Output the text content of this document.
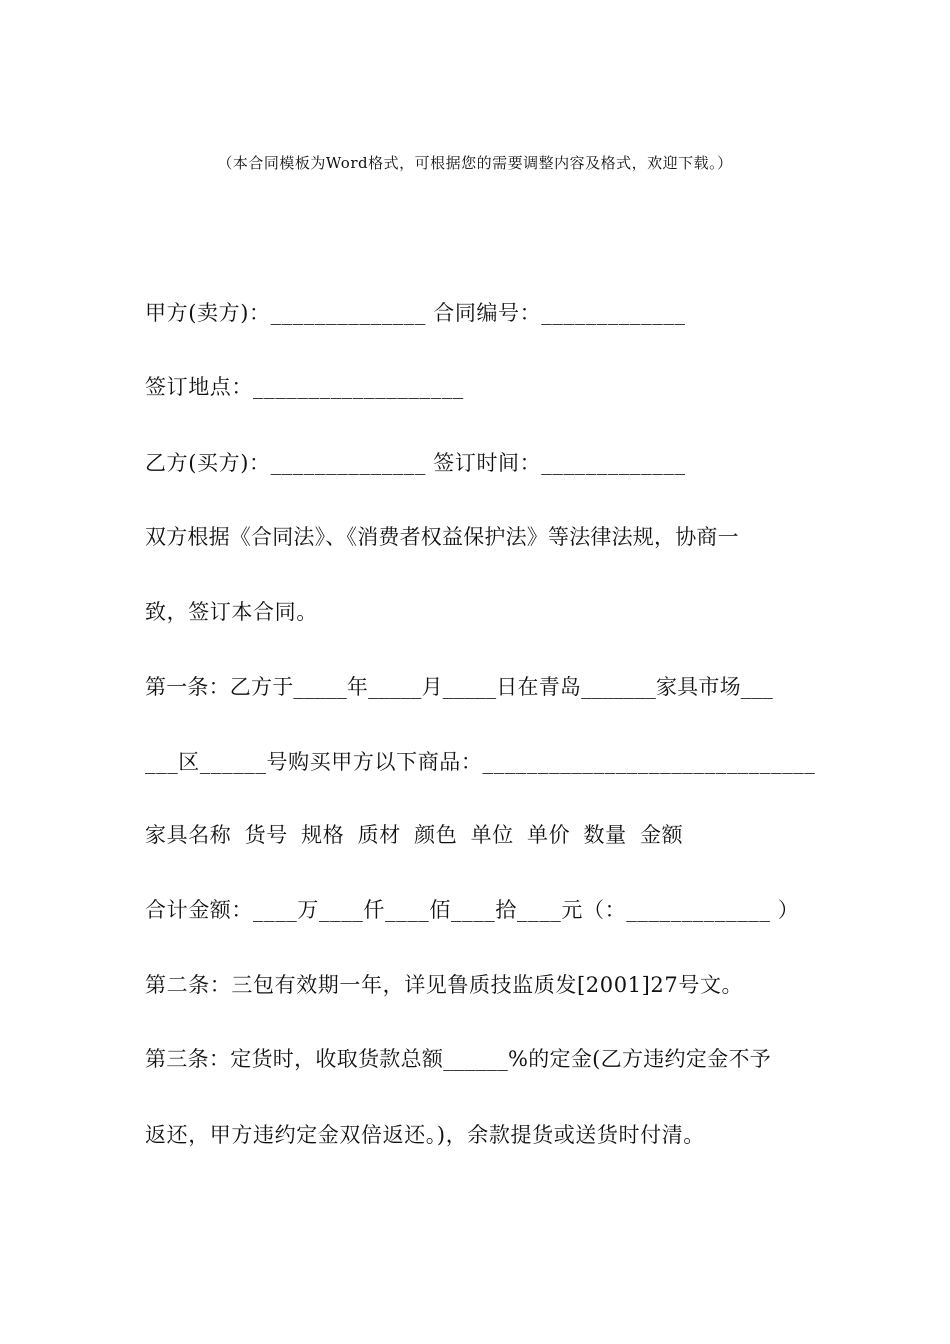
（本合同模板为Word格式，可根据您的需要调整内容及格式，欢迎下载。）
甲方(卖方)：______________ 合同编号：_____________
签订地点：___________________
乙方(买方)：______________ 签订时间：_____________
双方根据《合同法》、《消费者权益保护法》等法律法规，协商一
致，签订本合同。
第一条：乙方于_____年_____月_____日在青岛_______家具市场___
___区______号购买甲方以下商品：______________________________
家具名称 货号 规格 质材 颜色 单位 单价 数量 金额
合计金额：____万____仟____佰____拾____元（：_____________ ）
第二条：三包有效期一年，详见鲁质技监质发[2001]27号文。
第三条：定货时，收取货款总额______%的定金(乙方违约定金不予
返还，甲方违约定金双倍返还。)，余款提货或送货时付清。
